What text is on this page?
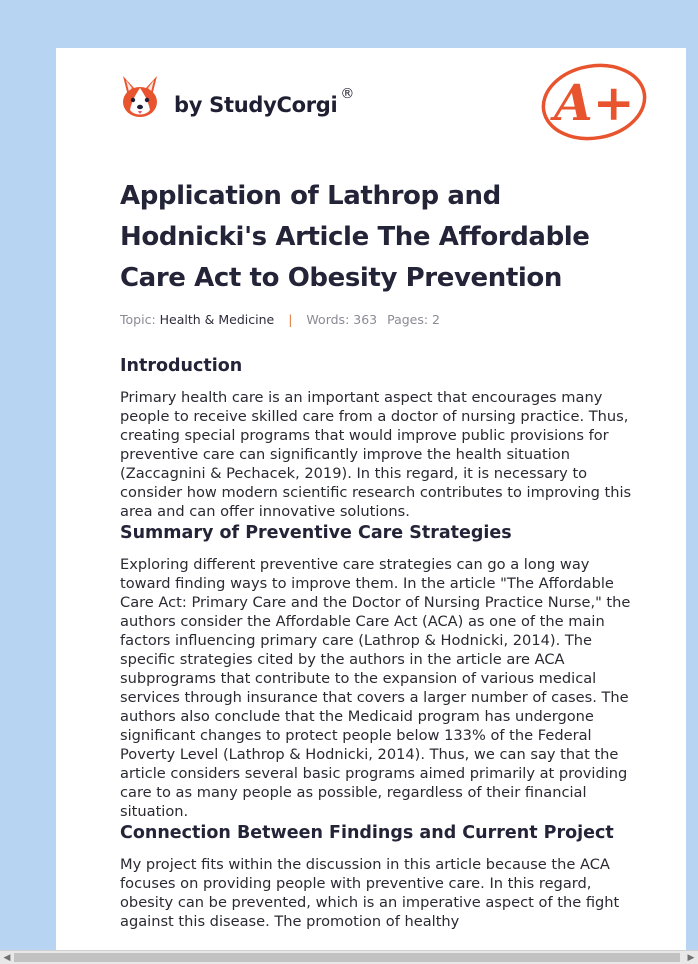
by StudyCorgi ®	A+
Application of Lathrop and Hodnicki's Article The Affordable Care Act to Obesity Prevention
Topic: Health & Medicine | Words: 363 Pages: 2
Introduction

Primary health care is an important aspect that encourages many people to receive skilled care from a doctor of nursing practice. Thus, creating special programs that would improve public provisions for preventive care can significantly improve the health situation (Zaccagnini & Pechacek, 2019). In this regard, it is necessary to consider how modern scientific research contributes to improving this area and can offer innovative solutions.

Summary of Preventive Care Strategies

Exploring different preventive care strategies can go a long way toward finding ways to improve them. In the article "The Affordable Care Act: Primary Care and the Doctor of Nursing Practice Nurse," the authors consider the Affordable Care Act (ACA) as one of the main factors influencing primary care (Lathrop & Hodnicki, 2014). The specific strategies cited by the authors in the article are ACA subprograms that contribute to the expansion of various medical services through insurance that covers a larger number of cases. The authors also conclude that the Medicaid program has undergone significant changes to protect people below 133% of the Federal Poverty Level (Lathrop & Hodnicki, 2014). Thus, we can say that the article considers several basic programs aimed primarily at providing care to as many people as possible, regardless of their financial situation.

Connection Between Findings and Current Project

My project fits within the discussion in this article because the ACA focuses on providing people with preventive care. In this regard, obesity can be prevented, which is an imperative aspect of the fight against this disease. The promotion of healthy

◀	▶
